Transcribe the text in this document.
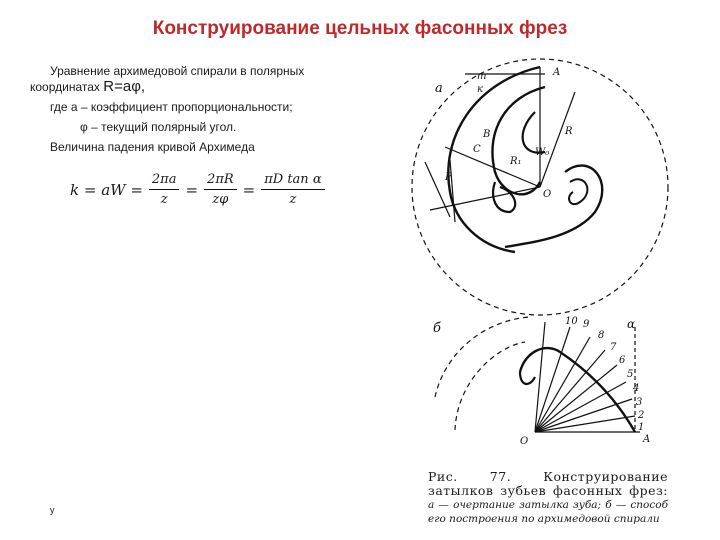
Конструирование цельных фасонных фрез
Уравнение архимедовой спирали в полярных
координатах R=aφ,
где а – коэффициент пропорциональности;
φ – текущий полярный угол.
Величина падения кривой Архимеда
k = aW = $\frac{2\pi a}{z} = \frac{2\pi R}{z\varphi} = \frac{\text{πD tan α}}{z}$
у
а
m
к
A
B
C
R
R₁
W₀
O
P
б
A
O
10 9
8
7
6
5
4
3
2
1
α
Рис. 77. Конструирование затылков зубьев фасонных фрез: а — очертание затылка зуба; б — способ его построения по архимедовой спирали
